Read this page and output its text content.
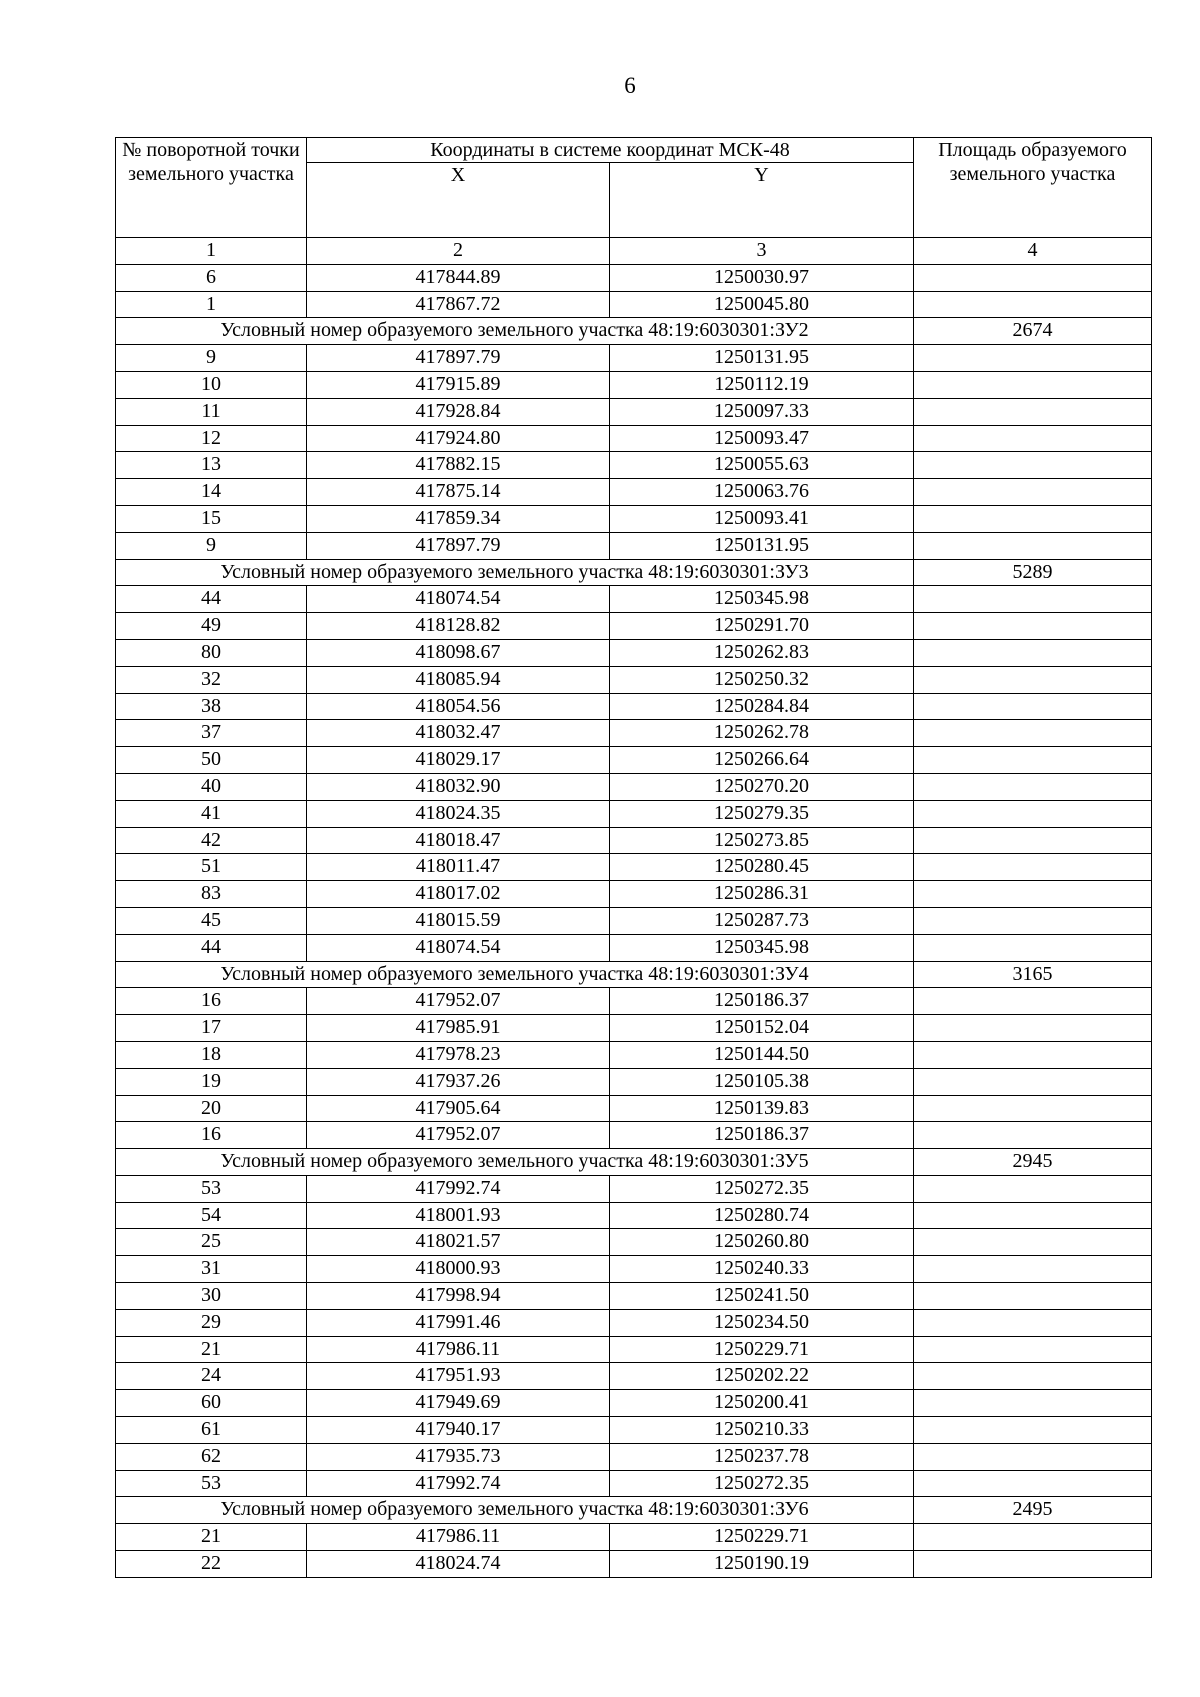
6
№ поворотной точки земельного участка	Координаты в системе координат МСК-48		Площадь образуемого земельного участка
	X	Y	
1	2	3	4
6	417844.89	1250030.97	
1	417867.72	1250045.80	
Условный номер образуемого земельного участка 48:19:6030301:ЗУ2			2674
9	417897.79	1250131.95	
10	417915.89	1250112.19	
11	417928.84	1250097.33	
12	417924.80	1250093.47	
13	417882.15	1250055.63	
14	417875.14	1250063.76	
15	417859.34	1250093.41	
9	417897.79	1250131.95	
Условный номер образуемого земельного участка 48:19:6030301:ЗУ3			5289
44	418074.54	1250345.98	
49	418128.82	1250291.70	
80	418098.67	1250262.83	
32	418085.94	1250250.32	
38	418054.56	1250284.84	
37	418032.47	1250262.78	
50	418029.17	1250266.64	
40	418032.90	1250270.20	
41	418024.35	1250279.35	
42	418018.47	1250273.85	
51	418011.47	1250280.45	
83	418017.02	1250286.31	
45	418015.59	1250287.73	
44	418074.54	1250345.98	
Условный номер образуемого земельного участка 48:19:6030301:ЗУ4			3165
16	417952.07	1250186.37	
17	417985.91	1250152.04	
18	417978.23	1250144.50	
19	417937.26	1250105.38	
20	417905.64	1250139.83	
16	417952.07	1250186.37	
Условный номер образуемого земельного участка 48:19:6030301:ЗУ5			2945
53	417992.74	1250272.35	
54	418001.93	1250280.74	
25	418021.57	1250260.80	
31	418000.93	1250240.33	
30	417998.94	1250241.50	
29	417991.46	1250234.50	
21	417986.11	1250229.71	
24	417951.93	1250202.22	
60	417949.69	1250200.41	
61	417940.17	1250210.33	
62	417935.73	1250237.78	
53	417992.74	1250272.35	
Условный номер образуемого земельного участка 48:19:6030301:ЗУ6			2495
21	417986.11	1250229.71	
22	418024.74	1250190.19	
